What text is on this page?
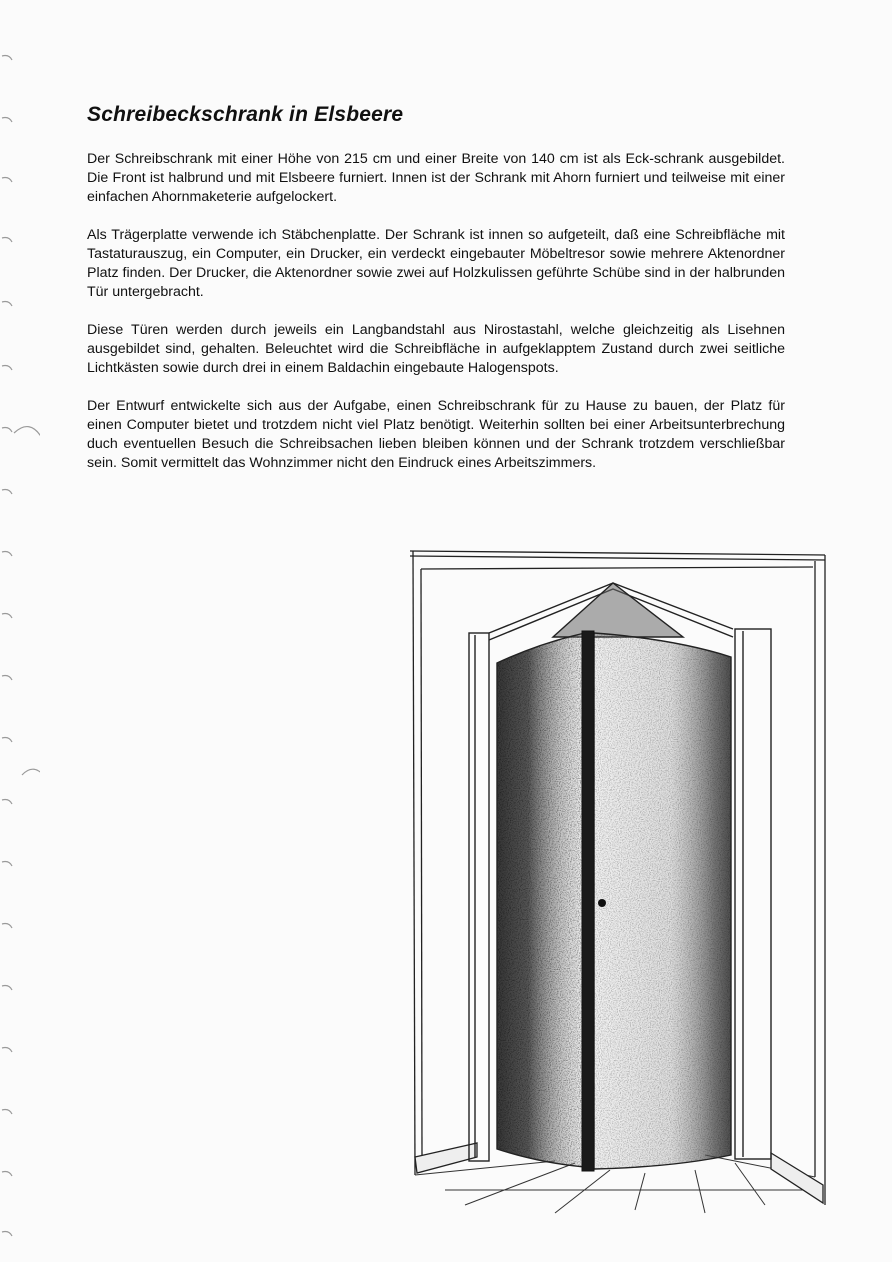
Schreibeckschrank in Elsbeere

Der Schreibschrank mit einer Höhe von 215 cm und einer Breite von 140 cm ist als Eck-schrank ausgebildet. Die Front ist halbrund und mit Elsbeere furniert. Innen ist der Schrank mit Ahorn furniert und teilweise mit einer einfachen Ahornmaketerie aufgelockert.

Als Trägerplatte verwende ich Stäbchenplatte. Der Schrank ist innen so aufgeteilt, daß eine Schreibfläche mit Tastaturauszug, ein Computer, ein Drucker, ein verdeckt eingebauter Möbeltresor sowie mehrere Aktenordner Platz finden. Der Drucker, die Aktenordner sowie zwei auf Holzkulissen geführte Schübe sind in der halbrunden Tür untergebracht.

Diese Türen werden durch jeweils ein Langbandstahl aus Nirostastahl, welche gleichzeitig als Lisehnen ausgebildet sind, gehalten. Beleuchtet wird die Schreibfläche in aufgeklapptem Zustand durch zwei seitliche Lichtkästen sowie durch drei in einem Baldachin eingebaute Halogenspots.

Der Entwurf entwickelte sich aus der Aufgabe, einen Schreibschrank für zu Hause zu bauen, der Platz für einen Computer bietet und trotzdem nicht viel Platz benötigt. Weiterhin sollten bei einer Arbeitsunterbrechung duch eventuellen Besuch die Schreibsachen lieben bleiben können und der Schrank trotzdem verschließbar sein. Somit vermittelt das Wohnzimmer nicht den Eindruck eines Arbeitszimmers.
